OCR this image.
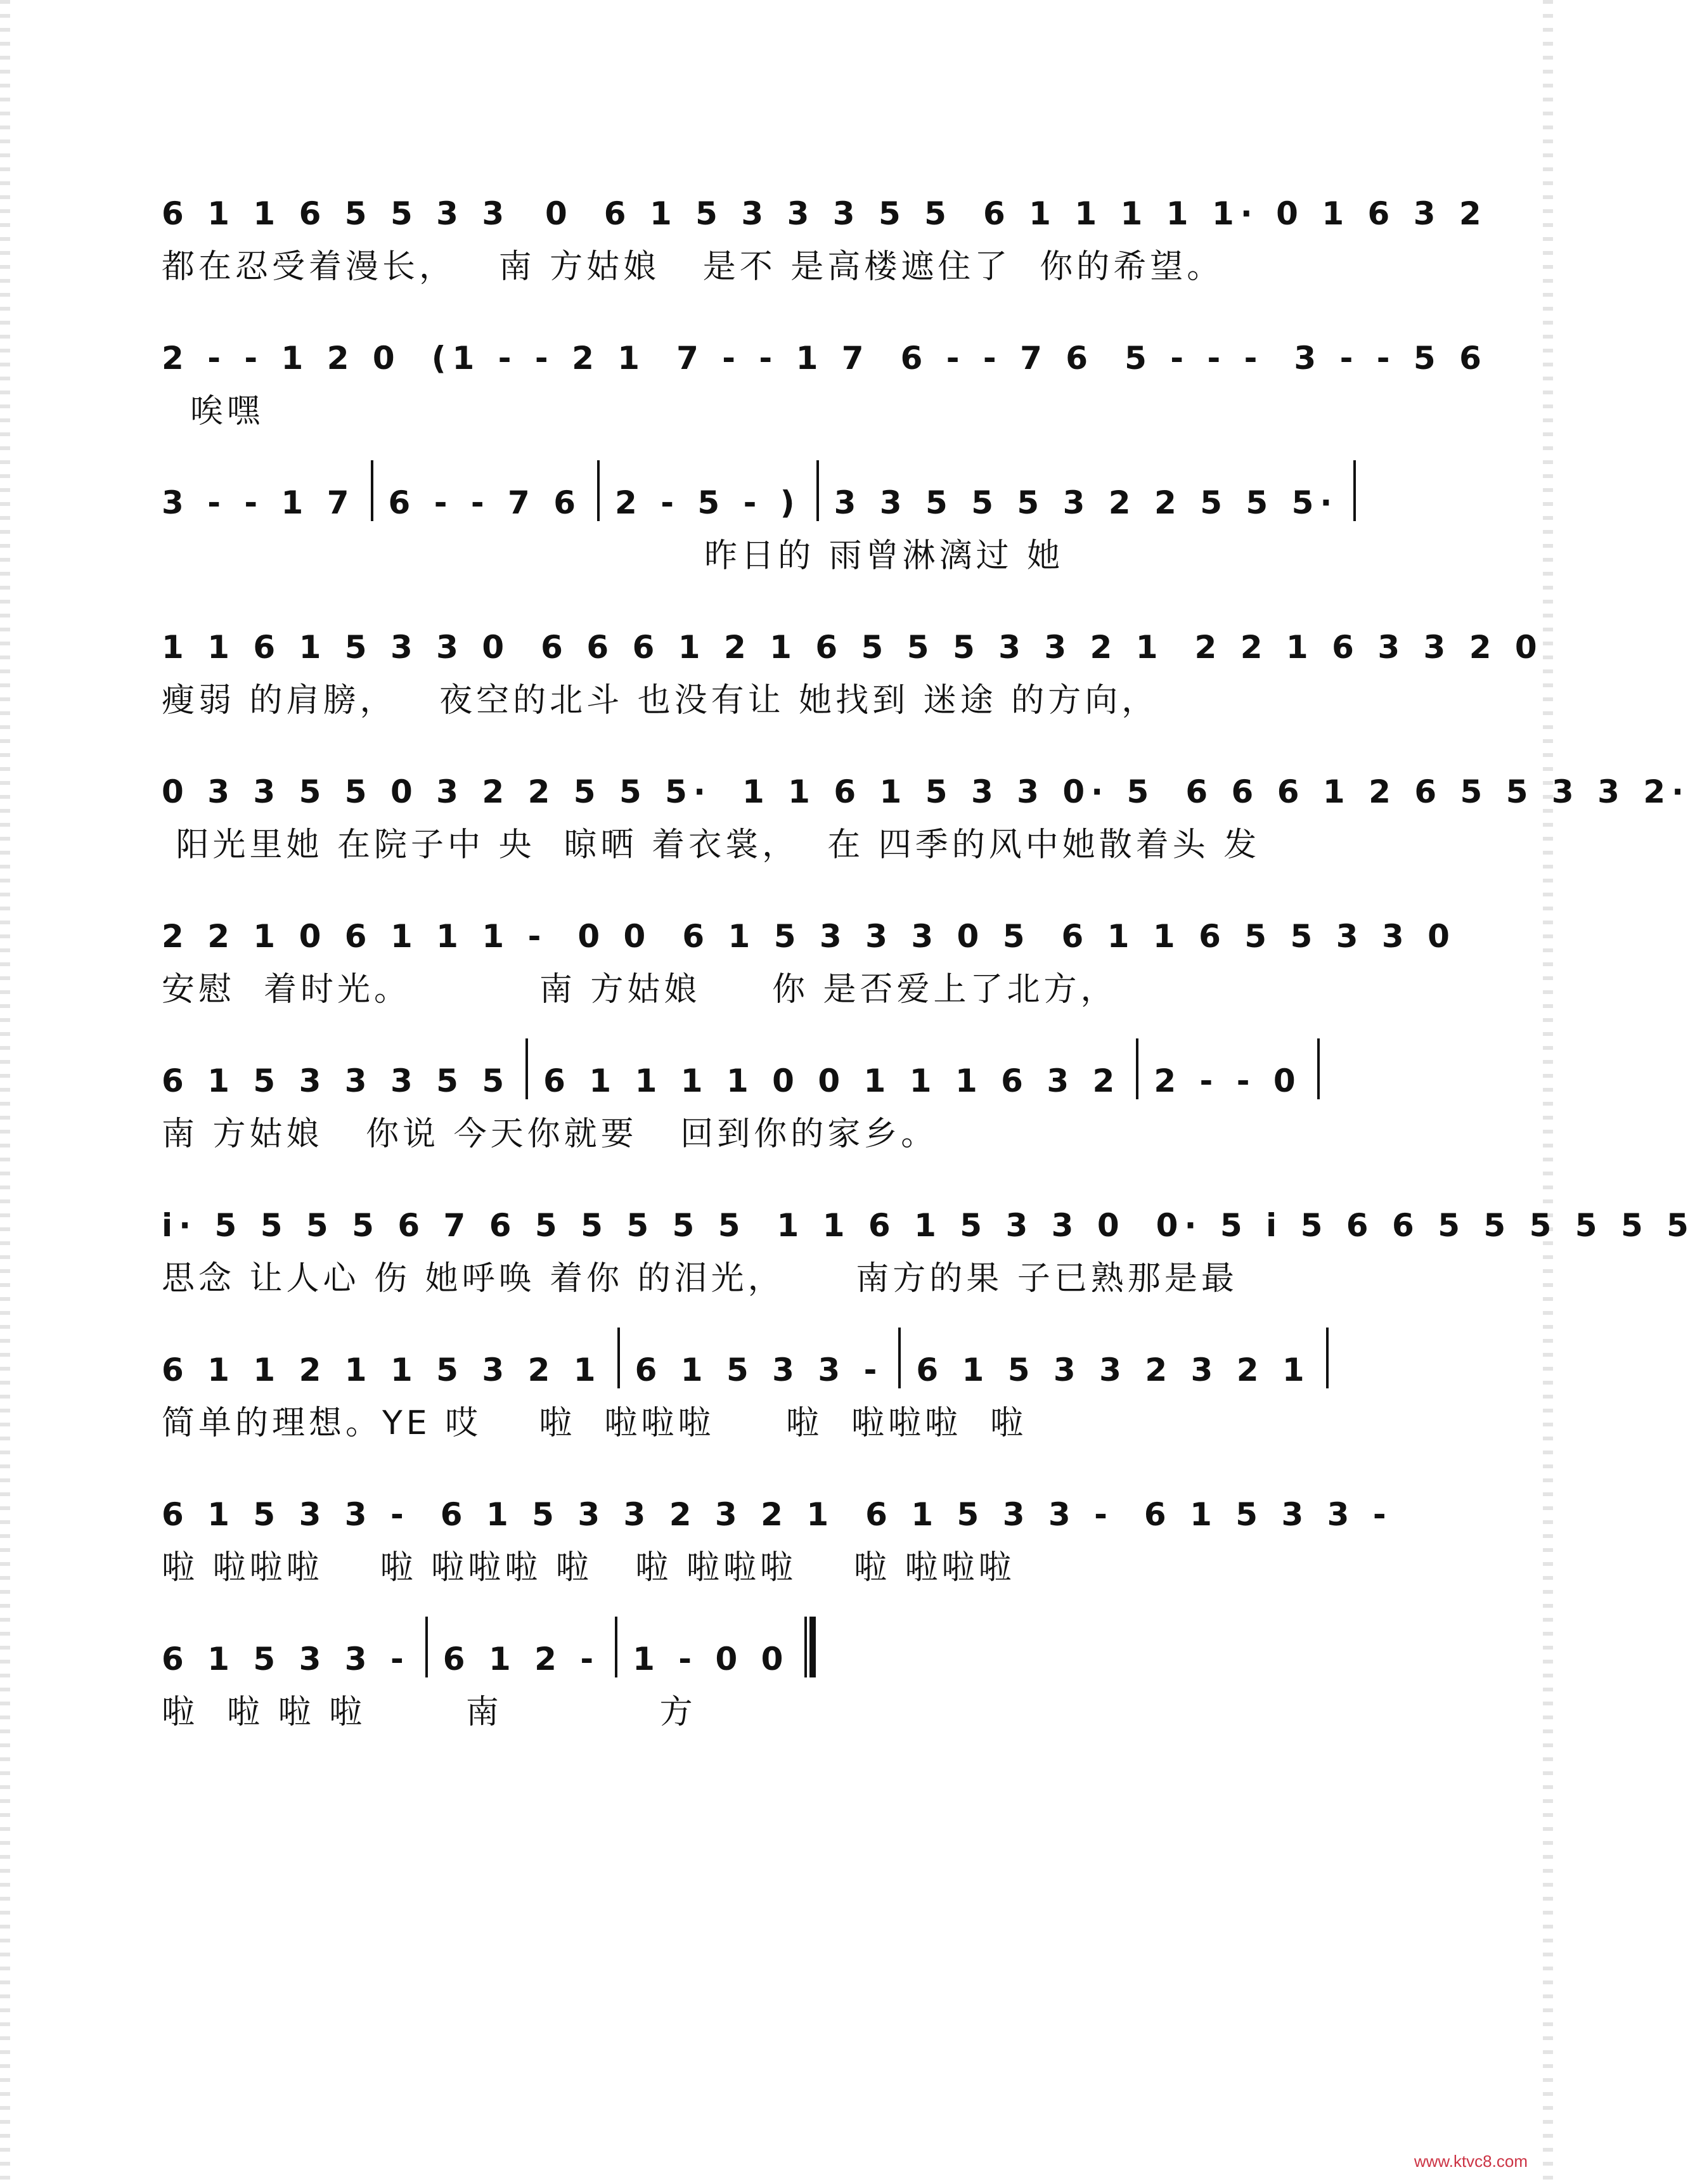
6 1 1 6 5 5 3 3  0 6 1 5 3 3 3 5 5 6 1 1 1 1 1· 0 1 6 3 2
都在忍受着漫长，   南 方姑娘   是不 是高楼遮住了  你的希望。
2 - - 1 2 0 (1 - - 2 1 7 - - 1 7 6 - - 7 6 5 - - - 3 - - 5 6
唉嘿
3 - - 1 7 6 - - 7 6 2 - 5 - ) 3 3 5 5 5 3 2 2 5 5 5·
昨日的 雨曾淋漓过 她
1 1 6 1 5 3 3 0 6 6 6 1 2 1 6 5 5 5 3 3 2 1 2 2 1 6 3 3 2 0
瘦弱 的肩膀，   夜空的北斗 也没有让 她找到 迷途 的方向，
0 3 3 5 5 0 3 2 2 5 5 5· 1 1 6 1 5 3 3 0· 5 6 6 6 1 2 6 5 5 3 3 2·
阳光里她 在院子中 央  晾晒 着衣裳，  在 四季的风中她散着头 发
2 2 1 0 6 1 1 1 - 0 0 6 1 5 3 3 3 0 5 6 1 1 6 5 5 3 3 0
安慰  着时光。         南 方姑娘     你 是否爱上了北方，
6 1 5 3 3 3 5 5 6 1 1 1 1 0 0 1 1 1 6 3 2 2 - - 0
南 方姑娘   你说 今天你就要   回到你的家乡。
i· 5 5 5 5 6 7 6 5 5 5 5 5 1 1 6 1 5 3 3 0 0· 5 i 5 6 6 5 5 5 5 5 5
思念 让人心 伤 她呼唤 着你 的泪光，     南方的果 子已熟那是最
6 1 1 2 1 1 5 3 2 1 6 1 5 3 3 - 6 1 5 3 3 2 3 2 1
简单的理想。YE 哎    啦  啦啦啦     啦  啦啦啦  啦
6 1 5 3 3 - 6 1 5 3 3 2 3 2 1 6 1 5 3 3 - 6 1 5 3 3 -
啦 啦啦啦    啦 啦啦啦 啦   啦 啦啦啦    啦 啦啦啦
6 1 5 3 3 - 6 1 2 - 1 - 0 0
啦  啦 啦 啦       南           方
www.ktvc8.com
